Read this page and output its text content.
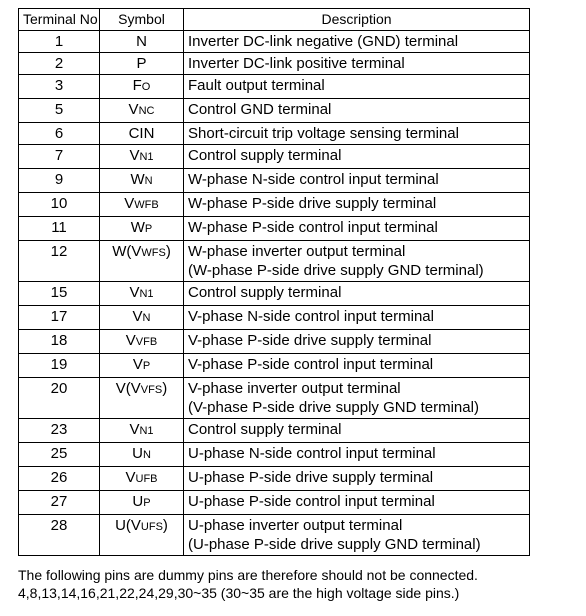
Terminal No	Symbol	Description
1	N	Inverter DC-link negative (GND) terminal
2	P	Inverter DC-link positive terminal
3	FO	Fault output terminal
5	VNC	Control GND terminal
6	CIN	Short-circuit trip voltage sensing terminal
7	VN1	Control supply terminal
9	WN	W-phase N-side control input terminal
10	VWFB	W-phase P-side drive supply terminal
11	WP	W-phase P-side control input terminal
12	W(VWFS)	W-phase inverter output terminal
(W-phase P-side drive supply GND terminal)

15	VN1	Control supply terminal
17	VN	V-phase N-side control input terminal
18	VVFB	V-phase P-side drive supply terminal
19	VP	V-phase P-side control input terminal
20	V(VVFS)	V-phase inverter output terminal
(V-phase P-side drive supply GND terminal)

23	VN1	Control supply terminal
25	UN	U-phase N-side control input terminal
26	VUFB	U-phase P-side drive supply terminal
27	UP	U-phase P-side control input terminal
28	U(VUFS)	U-phase inverter output terminal
(U-phase P-side drive supply GND terminal)
The following pins are dummy pins are therefore should not be connected.
4,8,13,14,16,21,22,24,29,30~35 (30~35 are the high voltage side pins.)
